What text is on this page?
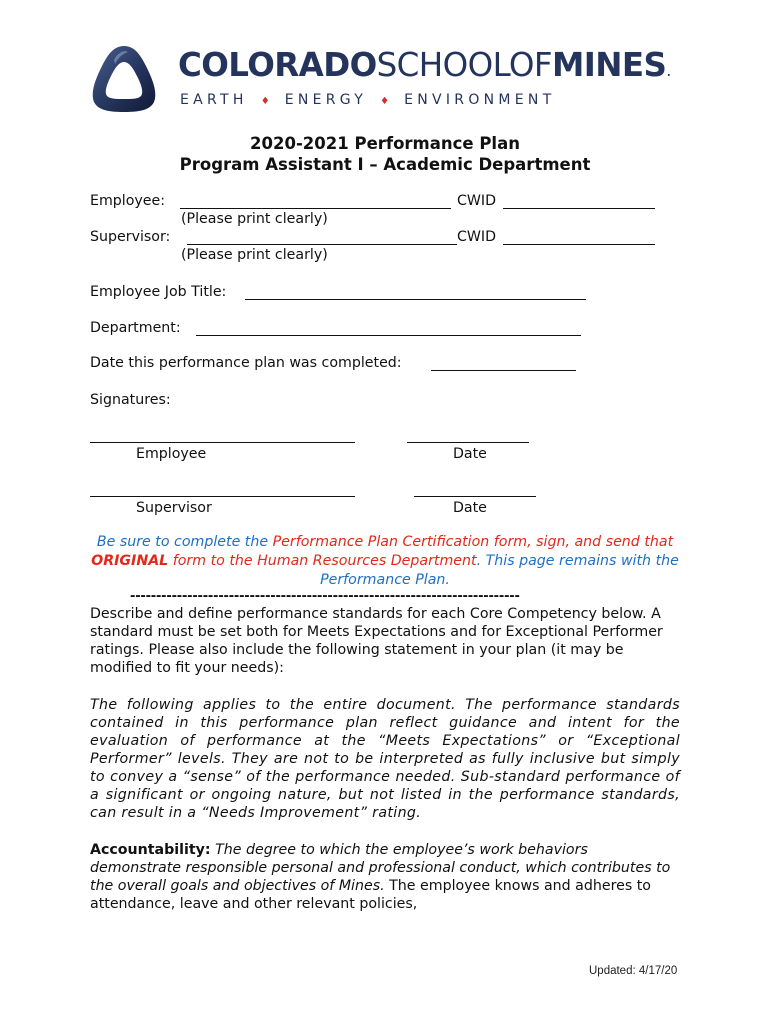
COLORADOSCHOOLOFMINES.
EARTH ♦ ENERGY ♦ ENVIRONMENT
2020-2021 Performance Plan
Program Assistant I – Academic Department
Employee:	CWID
(Please print clearly)
Supervisor:	CWID
(Please print clearly)
Employee Job Title:
Department:
Date this performance plan was completed:
Signatures:
Employee	Date
Supervisor	Date
Be sure to complete the Performance Plan Certification form, sign, and send that ORIGINAL form to the Human Resources Department. This page remains with the Performance Plan.
---------------------------------------------------------------------------
Describe and define performance standards for each Core Competency below. A standard must be set both for Meets Expectations and for Exceptional Performer ratings. Please also include the following statement in your plan (it may be modified to fit your needs):
The following applies to the entire document. The performance standards contained in this performance plan reflect guidance and intent for the evaluation of performance at the “Meets Expectations” or “Exceptional Performer” levels. They are not to be interpreted as fully inclusive but simply to convey a “sense” of the performance needed. Sub-standard performance of a significant or ongoing nature, but not listed in the performance standards, can result in a “Needs Improvement” rating.
Accountability: The degree to which the employee’s work behaviors demonstrate responsible personal and professional conduct, which contributes to the overall goals and objectives of Mines. The employee knows and adheres to attendance, leave and other relevant policies,
Updated: 4/17/20
